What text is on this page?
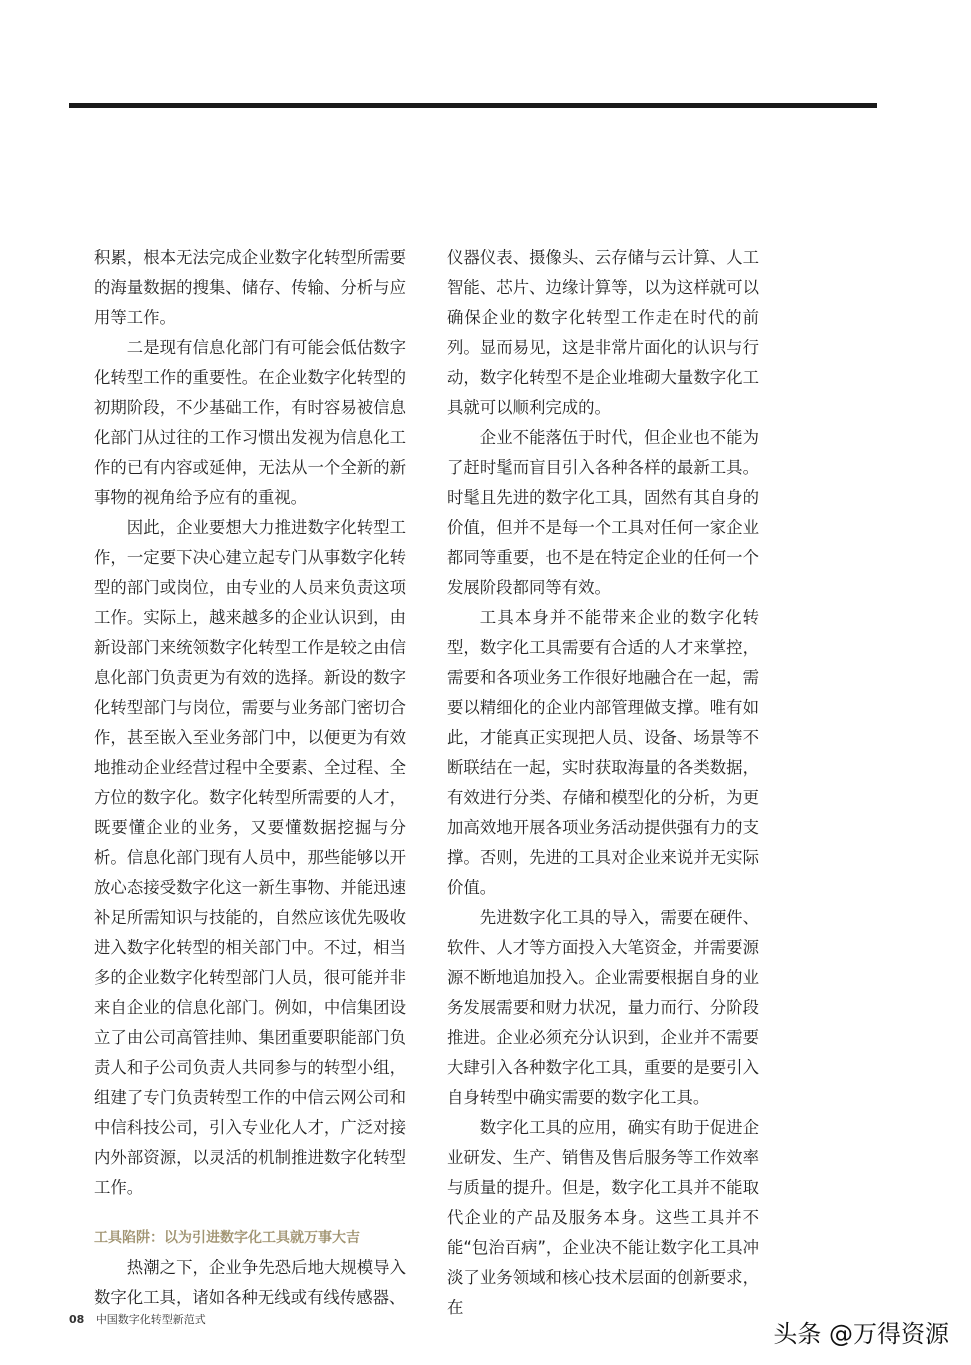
积累，根本无法完成企业数字化转型所需要的海量数据的搜集、储存、传输、分析与应用等工作。

二是现有信息化部门有可能会低估数字化转型工作的重要性。在企业数字化转型的初期阶段，不少基础工作，有时容易被信息化部门从过往的工作习惯出发视为信息化工作的已有内容或延伸，无法从一个全新的新事物的视角给予应有的重视。

因此，企业要想大力推进数字化转型工作，一定要下决心建立起专门从事数字化转型的部门或岗位，由专业的人员来负责这项工作。实际上，越来越多的企业认识到，由新设部门来统领数字化转型工作是较之由信息化部门负责更为有效的选择。新设的数字化转型部门与岗位，需要与业务部门密切合作，甚至嵌入至业务部门中，以便更为有效地推动企业经营过程中全要素、全过程、全方位的数字化。数字化转型所需要的人才，既要懂企业的业务，又要懂数据挖掘与分析。信息化部门现有人员中，那些能够以开放心态接受数字化这一新生事物、并能迅速补足所需知识与技能的，自然应该优先吸收进入数字化转型的相关部门中。不过，相当多的企业数字化转型部门人员，很可能并非来自企业的信息化部门。例如，中信集团设立了由公司高管挂帅、集团重要职能部门负责人和子公司负责人共同参与的转型小组，组建了专门负责转型工作的中信云网公司和中信科技公司，引入专业化人才，广泛对接内外部资源，以灵活的机制推进数字化转型工作。

工具陷阱：以为引进数字化工具就万事大吉

热潮之下，企业争先恐后地大规模导入数字化工具，诸如各种无线或有线传感器、

仪器仪表、摄像头、云存储与云计算、人工智能、芯片、边缘计算等，以为这样就可以确保企业的数字化转型工作走在时代的前列。显而易见，这是非常片面化的认识与行动，数字化转型不是企业堆砌大量数字化工具就可以顺利完成的。

企业不能落伍于时代，但企业也不能为了赶时髦而盲目引入各种各样的最新工具。时髦且先进的数字化工具，固然有其自身的价值，但并不是每一个工具对任何一家企业都同等重要，也不是在特定企业的任何一个发展阶段都同等有效。

工具本身并不能带来企业的数字化转型，数字化工具需要有合适的人才来掌控，需要和各项业务工作很好地融合在一起，需要以精细化的企业内部管理做支撑。唯有如此，才能真正实现把人员、设备、场景等不断联结在一起，实时获取海量的各类数据，有效进行分类、存储和模型化的分析，为更加高效地开展各项业务活动提供强有力的支撑。否则，先进的工具对企业来说并无实际价值。

先进数字化工具的导入，需要在硬件、软件、人才等方面投入大笔资金，并需要源源不断地追加投入。企业需要根据自身的业务发展需要和财力状况，量力而行、分阶段推进。企业必须充分认识到，企业并不需要大肆引入各种数字化工具，重要的是要引入自身转型中确实需要的数字化工具。

数字化工具的应用，确实有助于促进企业研发、生产、销售及售后服务等工作效率与质量的提升。但是，数字化工具并不能取代企业的产品及服务本身。这些工具并不能“包治百病”，企业决不能让数字化工具冲淡了业务领域和核心技术层面的创新要求，在

08 中国数字化转型新范式
头条 @万得资源
